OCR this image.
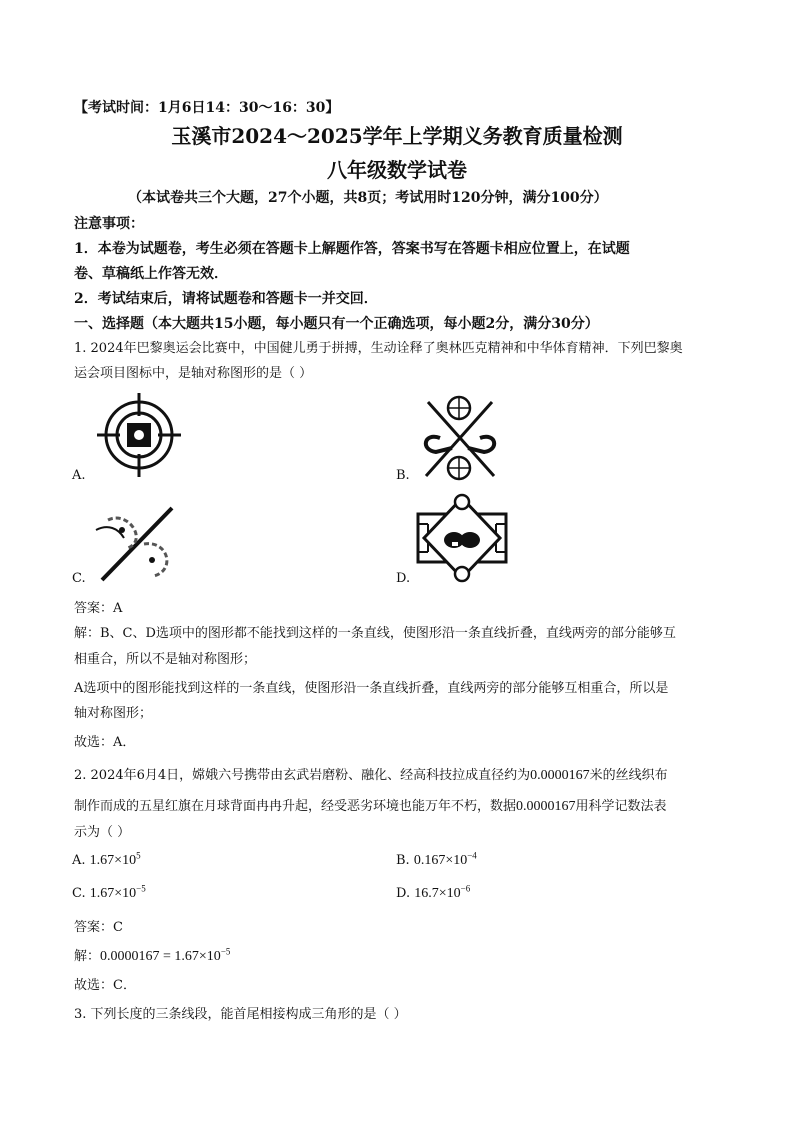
【考试时间：1月6日14：30～16：30】
玉溪市2024～2025学年上学期义务教育质量检测
八年级数学试卷
（本试卷共三个大题，27个小题，共8页；考试用时120分钟，满分100分）
注意事项：
1．本卷为试题卷，考生必须在答题卡上解题作答，答案书写在答题卡相应位置上，在试题
卷、草稿纸上作答无效．
2．考试结束后，请将试题卷和答题卡一并交回．
一、选择题（本大题共15小题，每小题只有一个正确选项，每小题2分，满分30分）
1. 2024年巴黎奥运会比赛中，中国健儿勇于拼搏，生动诠释了奥林匹克精神和中华体育精神．下列巴黎奥
运会项目图标中，是轴对称图形的是（ ）
A.	B.
C.	D.
答案：A
解：B、C、D选项中的图形都不能找到这样的一条直线，使图形沿一条直线折叠，直线两旁的部分能够互
相重合，所以不是轴对称图形；
A选项中的图形能找到这样的一条直线，使图形沿一条直线折叠，直线两旁的部分能够互相重合，所以是
轴对称图形；
故选：A．
2. 2024年6月4日，嫦娥六号携带由玄武岩磨粉、融化、经高科技拉成直径约为0.0000167米的丝线织布
制作而成的五星红旗在月球背面冉冉升起，经受恶劣环境也能万年不朽，数据0.0000167用科学记数法表
示为（ ）
A. $1.67\times 10^5$	B. $0.167\times 10^{-4}$
C. $1.67\times 10^{-5}$	D. $16.7\times 10^{-6}$
答案：C
解：$0.0000167 = 1.67\times 10^{-5}$
故选：C．
3. 下列长度的三条线段，能首尾相接构成三角形的是（ ）
